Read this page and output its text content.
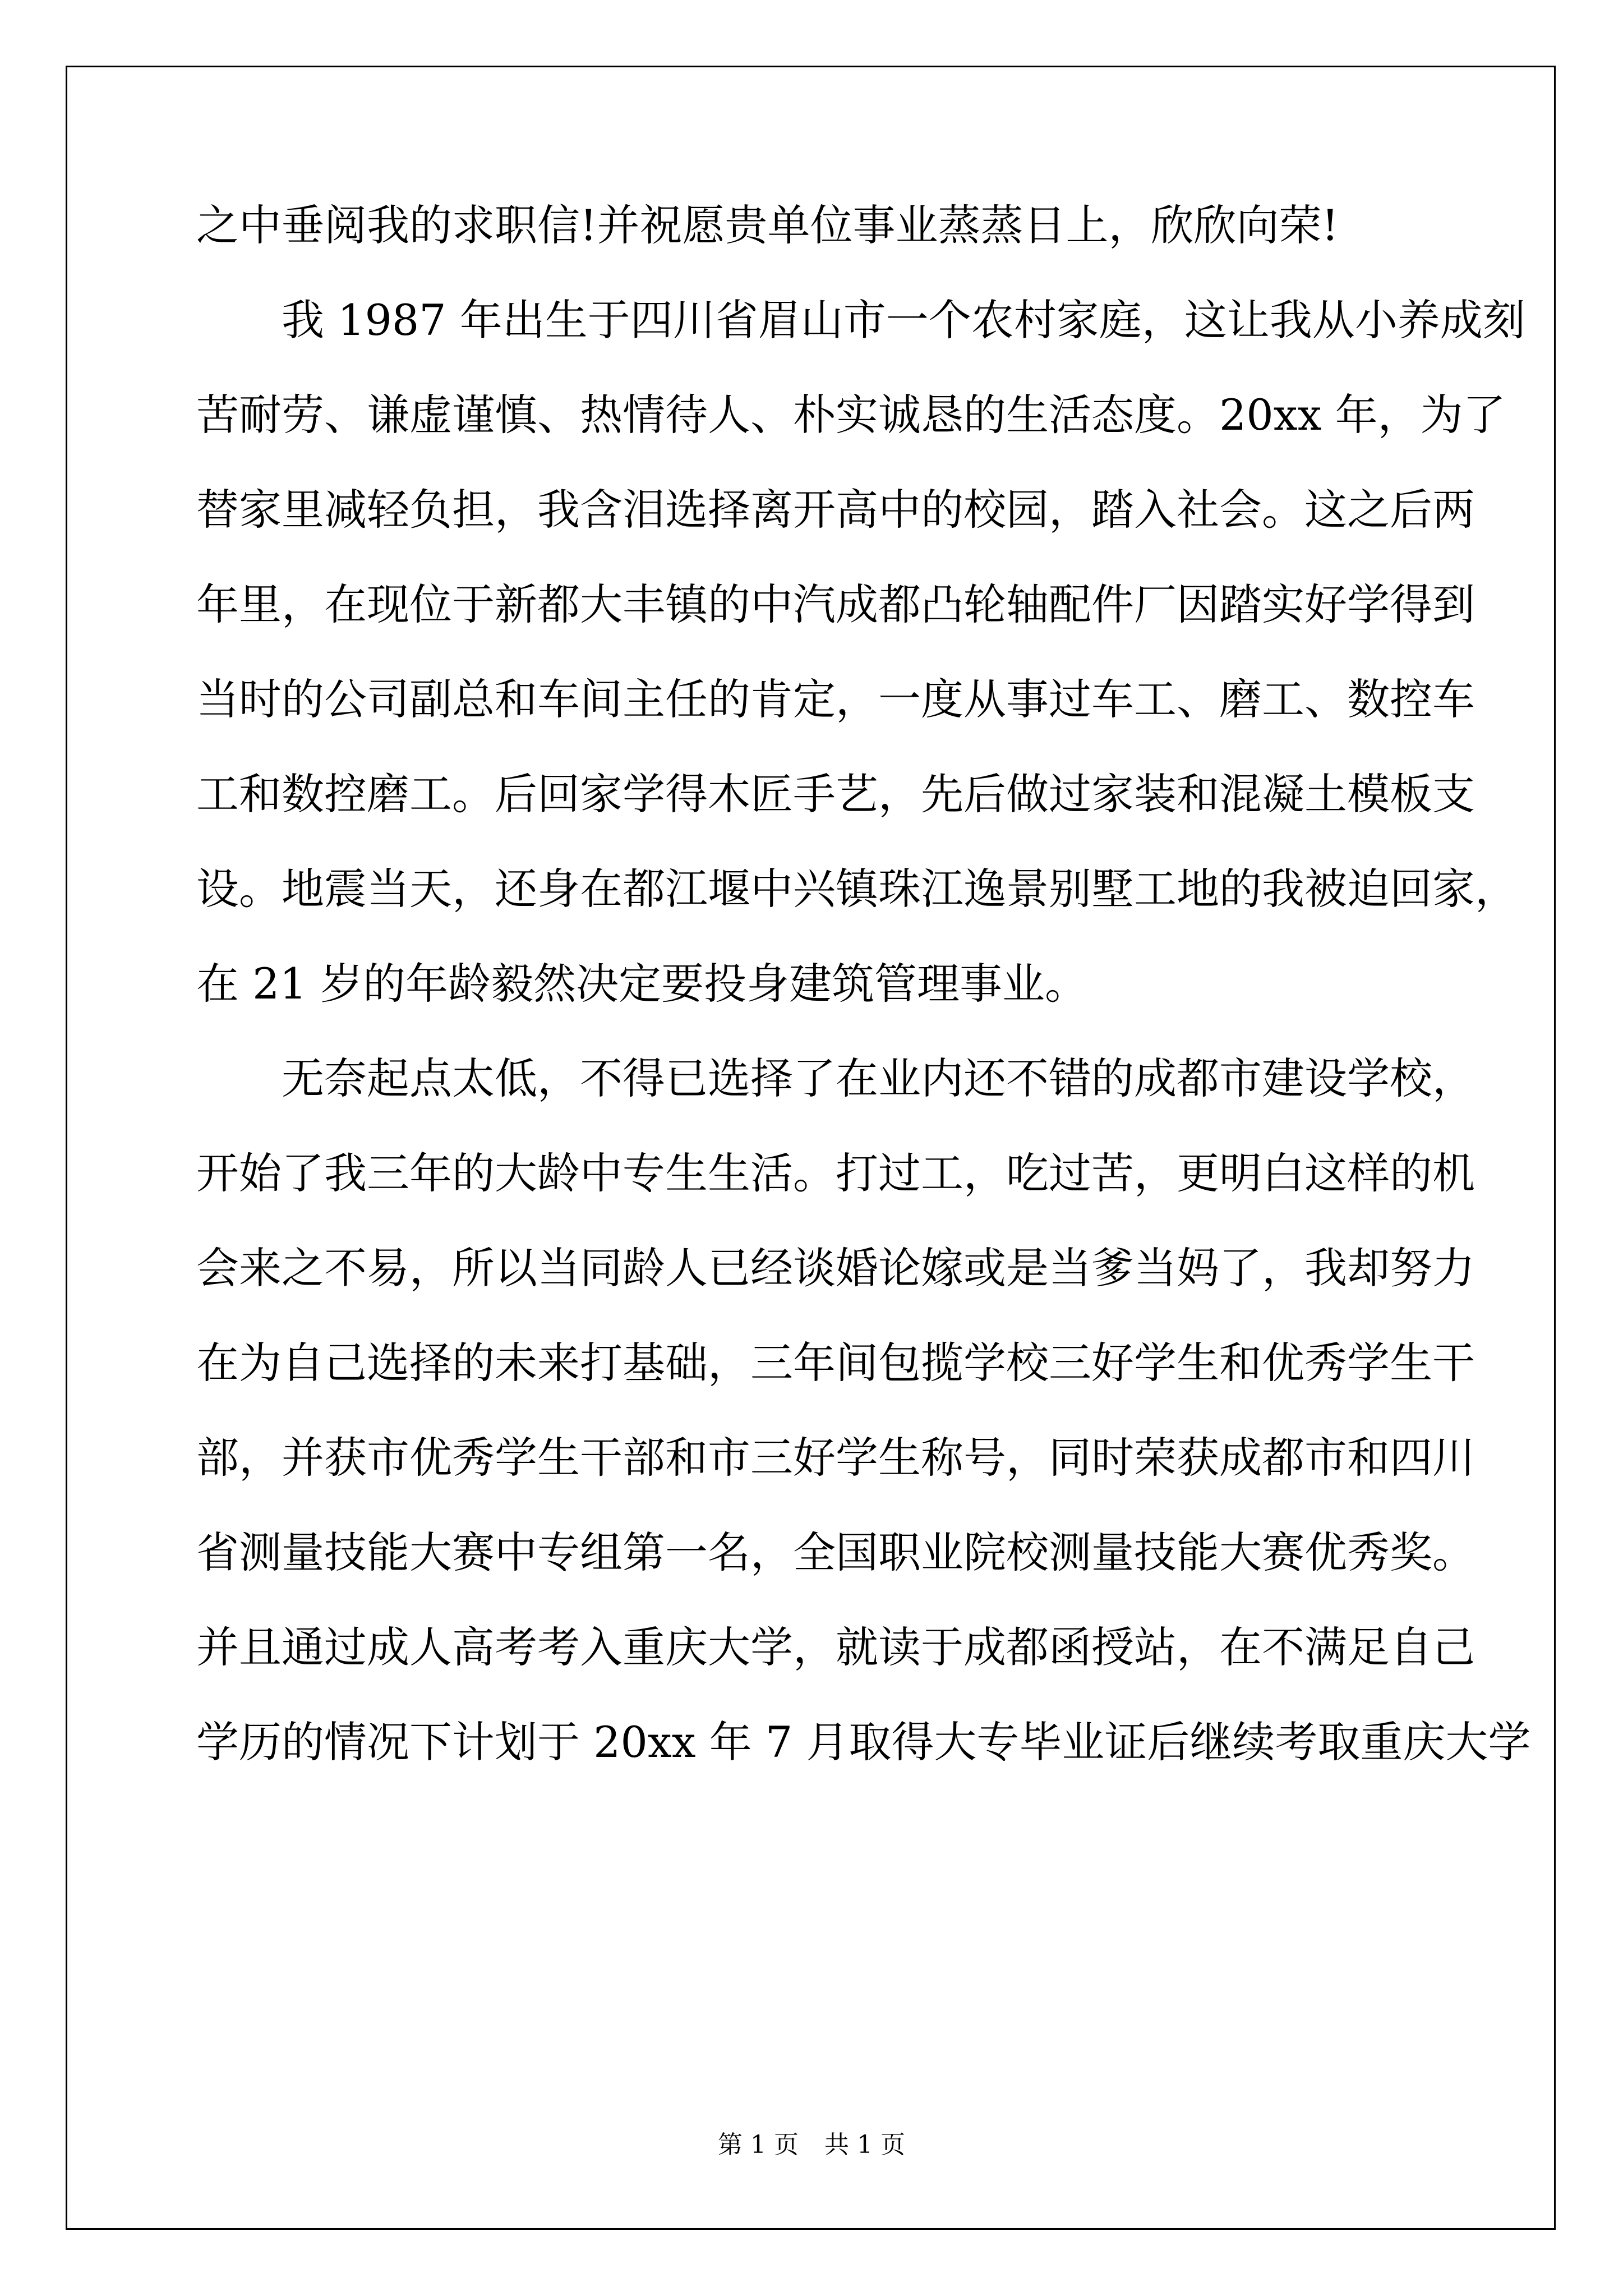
之中垂阅我的求职信!并祝愿贵单位事业蒸蒸日上，欣欣向荣!
我 1987 年出生于四川省眉山市一个农村家庭，这让我从小养成刻
苦耐劳、谦虚谨慎、热情待人、朴实诚恳的生活态度。20xx 年，为了
替家里减轻负担，我含泪选择离开高中的校园，踏入社会。这之后两
年里，在现位于新都大丰镇的中汽成都凸轮轴配件厂因踏实好学得到
当时的公司副总和车间主任的肯定，一度从事过车工、磨工、数控车
工和数控磨工。后回家学得木匠手艺，先后做过家装和混凝土模板支
设。地震当天，还身在都江堰中兴镇珠江逸景别墅工地的我被迫回家，
在 21 岁的年龄毅然决定要投身建筑管理事业。
无奈起点太低，不得已选择了在业内还不错的成都市建设学校，
开始了我三年的大龄中专生生活。打过工，吃过苦，更明白这样的机
会来之不易，所以当同龄人已经谈婚论嫁或是当爹当妈了，我却努力
在为自己选择的未来打基础，三年间包揽学校三好学生和优秀学生干
部，并获市优秀学生干部和市三好学生称号，同时荣获成都市和四川
省测量技能大赛中专组第一名，全国职业院校测量技能大赛优秀奖。
并且通过成人高考考入重庆大学，就读于成都函授站，在不满足自己
学历的情况下计划于 20xx 年 7 月取得大专毕业证后继续考取重庆大学
第 1 页 共 1 页
